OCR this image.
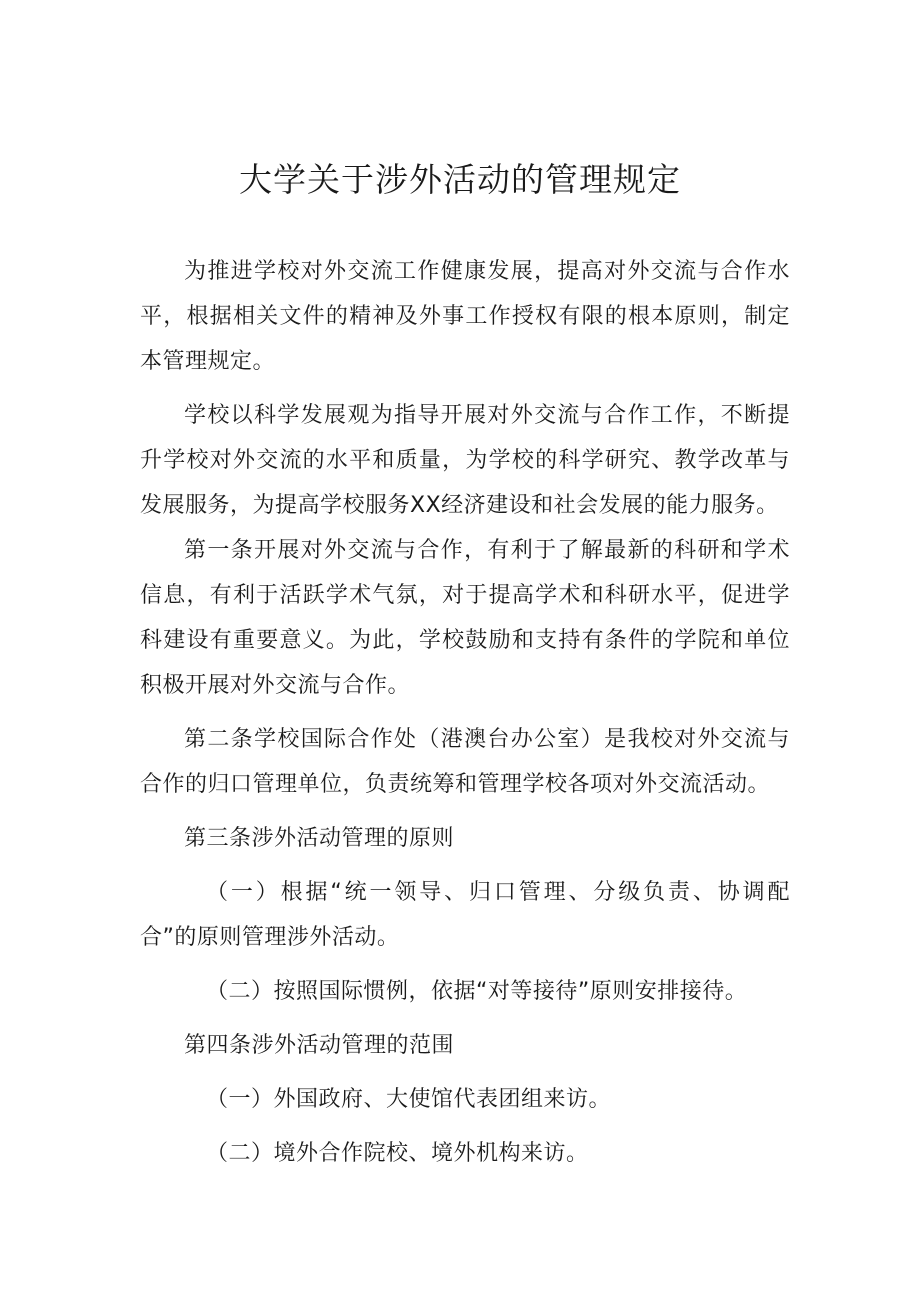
大学关于涉外活动的管理规定

为推进学校对外交流工作健康发展，提高对外交流与合作水平，根据相关文件的精神及外事工作授权有限的根本原则，制定本管理规定。

学校以科学发展观为指导开展对外交流与合作工作，不断提升学校对外交流的水平和质量，为学校的科学研究、教学改革与发展服务，为提高学校服务XX经济建设和社会发展的能力服务。

第一条开展对外交流与合作，有利于了解最新的科研和学术信息，有利于活跃学术气氛，对于提高学术和科研水平，促进学科建设有重要意义。为此，学校鼓励和支持有条件的学院和单位积极开展对外交流与合作。

第二条学校国际合作处（港澳台办公室）是我校对外交流与合作的归口管理单位，负责统筹和管理学校各项对外交流活动。

第三条涉外活动管理的原则

（一）根据“统一领导、归口管理、分级负责、协调配合”的原则管理涉外活动。

（二）按照国际惯例，依据“对等接待”原则安排接待。

第四条涉外活动管理的范围

（一）外国政府、大使馆代表团组来访。

（二）境外合作院校、境外机构来访。
